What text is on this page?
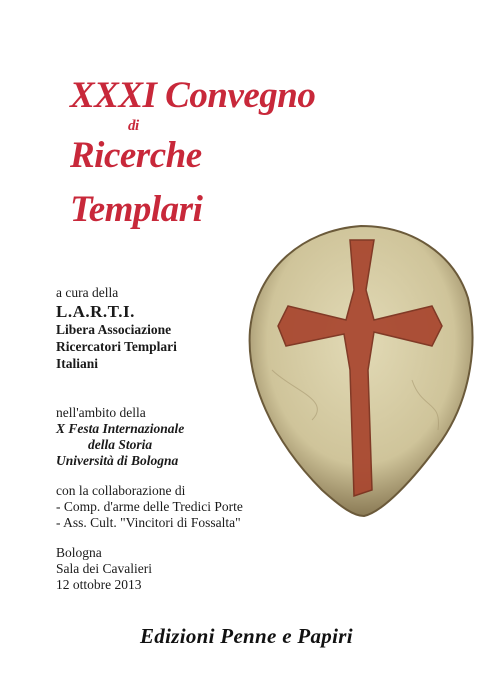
XXXI Convegno
di
Ricerche
Templari
a cura della
L.A.R.T.I.
Libera Associazione
Ricercatori Templari
Italiani
nell'ambito della
X Festa Internazionale
della Storia
Università di Bologna
con la collaborazione di
- Comp. d'arme delle Tredici Porte
- Ass. Cult. "Vincitori di Fossalta"
Bologna
Sala dei Cavalieri
12 ottobre 2013
Edizioni Penne e Papiri
